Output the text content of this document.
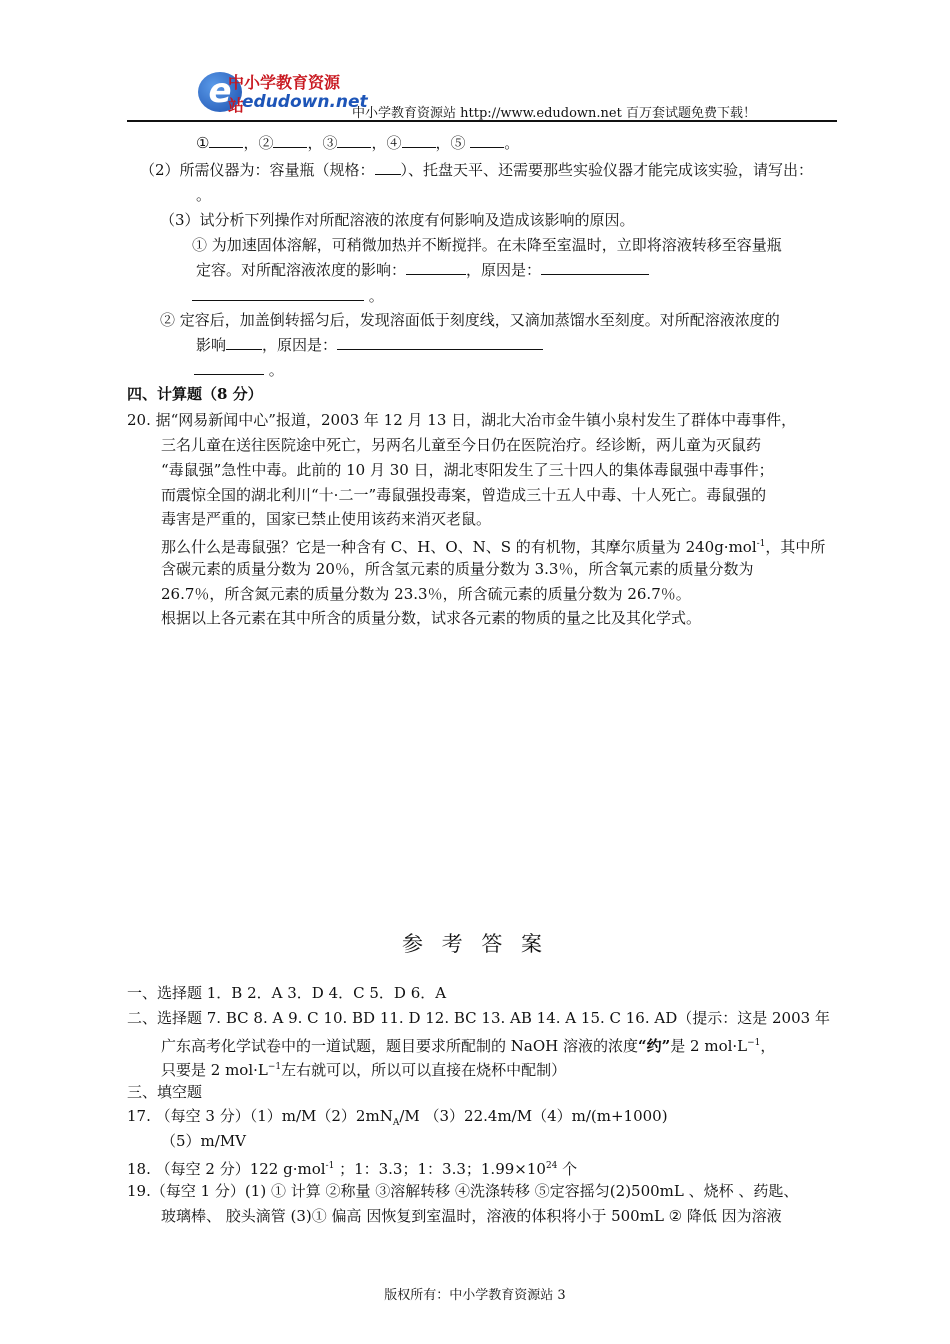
e
中小学教育资源站
edudown.net
中小学教育资源站 http://www.edudown.net 百万套试题免费下载！
① ，② ，③ ，④ ，⑤	。
（2）所需仪器为：容量瓶（规格： ）、托盘天平、还需要那些实验仪器才能完成该实验，请写出：
。
（3）试分析下列操作对所配溶液的浓度有何影响及造成该影响的原因。
① 为加速固体溶解，可稍微加热并不断搅拌。在未降至室温时，立即将溶液转移至容量瓶
定容。对所配溶液浓度的影响：	，原因是：
。
② 定容后，加盖倒转摇匀后，发现溶面低于刻度线，又滴加蒸馏水至刻度。对所配溶液浓度的
影响 ，原因是：
。
四、计算题（8 分）
20. 据“网易新闻中心”报道，2003 年 12 月 13 日，湖北大冶市金牛镇小泉村发生了群体中毒事件，
三名儿童在送往医院途中死亡，另两名儿童至今日仍在医院治疗。经诊断，两儿童为灭鼠药
“毒鼠强”急性中毒。此前的 10 月 30 日，湖北枣阳发生了三十四人的集体毒鼠强中毒事件；
而震惊全国的湖北利川“十·二一”毒鼠强投毒案，曾造成三十五人中毒、十人死亡。毒鼠强的
毒害是严重的，国家已禁止使用该药来消灭老鼠。
那么什么是毒鼠强？它是一种含有 C、H、O、N、S 的有机物，其摩尔质量为 240g·mol$^{-1}$，其中所
含碳元素的质量分数为 20％，所含氢元素的质量分数为 3.3％，所含氧元素的质量分数为
26.7％，所含氮元素的质量分数为 23.3％，所含硫元素的质量分数为 26.7％。
根据以上各元素在其中所含的质量分数，试求各元素的物质的量之比及其化学式。
参 考 答 案
一、选择题 1．B 2．A 3．D 4．C 5．D 6．A
二、选择题 7. BC 8. A 9. C 10. BD 11. D 12. BC 13. AB 14. A 15. C 16. AD（提示：这是 2003 年
广东高考化学试卷中的一道试题，题目要求所配制的 NaOH 溶液的浓度“约”是 2 $mol\cdot L^{-1}$，
只要是 2 $mol\cdot L^{-1}$左右就可以，所以可以直接在烧杯中配制）
三、填空题
17. （每空 3 分）$(1)m/M(2)2mN_A/M$ （3）22.4m/M（4）m/(m+1000)
（5）m/MV
18. （每空 2 分）122 g·mol$^{-1}$ ；1：3.3；1：3.3；$1.99\times 10^{24}$ 个
19.（每空 1 分）(1) ① 计算 ②称量 ③溶解转移 ④洗涤转移 ⑤定容摇匀(2)500mL 、烧杯 、药匙、
玻璃棒、 胶头滴管 (3)① 偏高 因恢复到室温时，溶液的体积将小于 500mL ② 降低 因为溶液
版权所有：中小学教育资源站 3
